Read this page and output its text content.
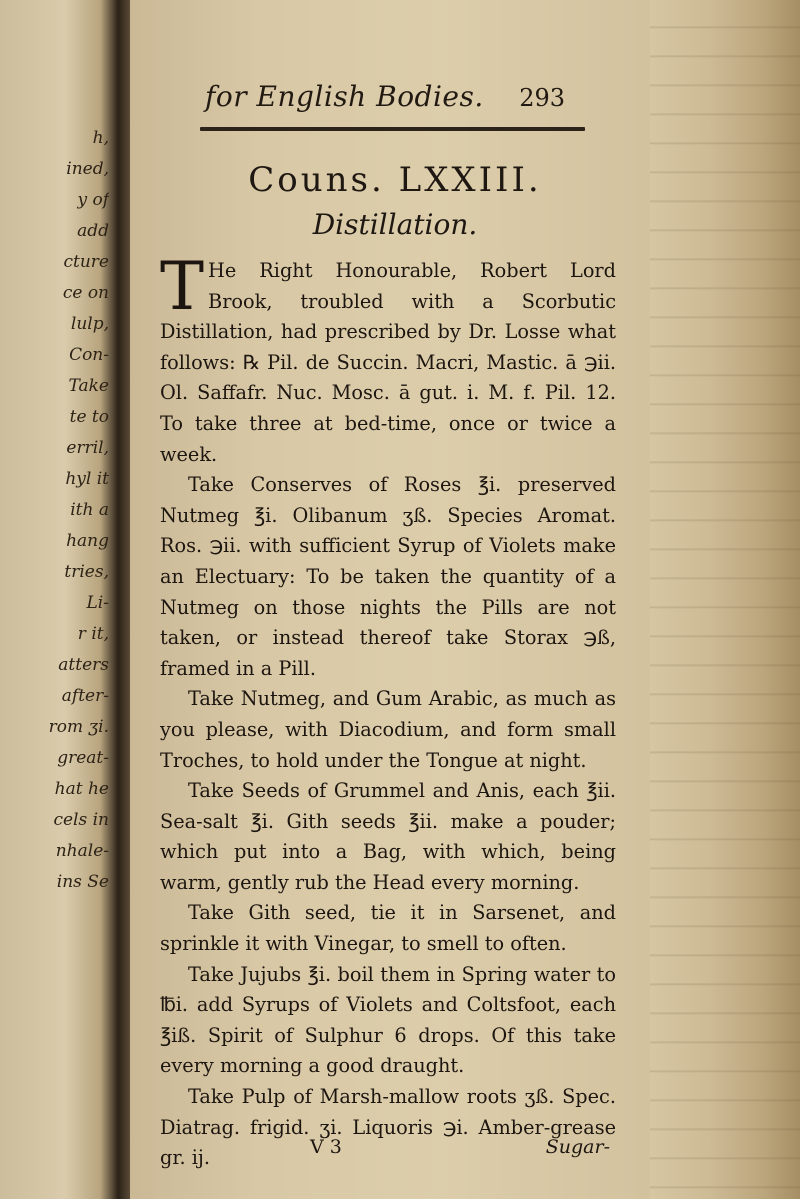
h,
ined,
y of
add
cture
ce on
lulp,
Con-
Take
te to
erril,
hyl it
ith a
hang
tries,
Li-
r it,
atters
after-
rom ʒi.
great-
hat he
cels in
nhale-
ins Se
for English Bodies. 293
Couns. LXXIII.
Distillation.

T He Right Honourable, Robert Lord Brook, troubled with a Scorbutic Distillation, had prescribed by Dr. Losse what follows: ℞ Pil. de Succin. Macri, Mastic. ā ℈ii. Ol. Saffafr. Nuc. Mosc. ā gut. i. M. f. Pil. 12. To take three at bed-time, once or twice a week.

Take Conserves of Roses ℥i. preserved Nutmeg ℥i. Olibanum ʒß. Species Aromat. Ros. ℈ii. with sufficient Syrup of Violets make an Electuary: To be taken the quantity of a Nutmeg on those nights the Pills are not taken, or instead thereof take Storax ℈ß, framed in a Pill.

Take Nutmeg, and Gum Arabic, as much as you please, with Diacodium, and form small Troches, to hold under the Tongue at night.

Take Seeds of Grummel and Anis, each ℥ii. Sea-salt ℥i. Gith seeds ℥ii. make a pouder; which put into a Bag, with which, being warm, gently rub the Head every morning.

Take Gith seed, tie it in Sarsenet, and sprinkle it with Vinegar, to smell to often.

Take Jujubs ℥i. boil them in Spring water to ℔i. add Syrups of Violets and Coltsfoot, each ℥iß. Spirit of Sulphur 6 drops. Of this take every morning a good draught.

Take Pulp of Marsh-mallow roots ʒß. Spec. Diatrag. frigid. ʒi. Liquoris ℈i. Amber-grease gr. ij.	V 3	Sugar-
